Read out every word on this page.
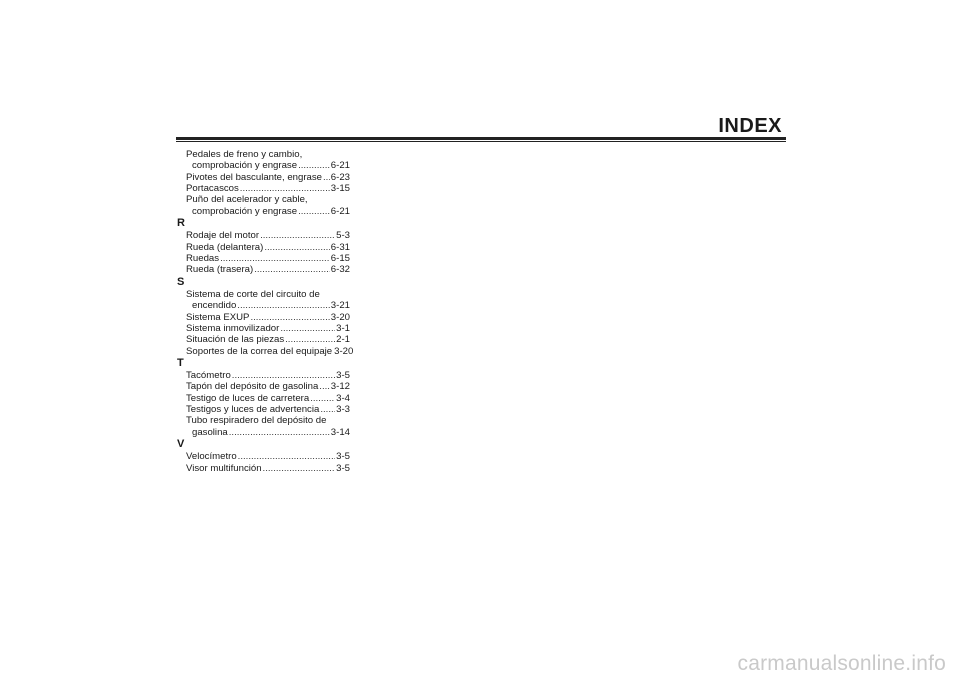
INDEX
Pedales de freno y cambio,
comprobación y engrase .....	6-21
Pivotes del basculante, engrase ..... 6-23
Portacascos .....	3-15
Puño del acelerador y cable,
comprobación y engrase .....	6-21
R
Rodaje del motor .....	5-3
Rueda (delantera) .....	6-31
Ruedas .....	6-15
Rueda (trasera) .....	6-32
S
Sistema de corte del circuito de
encendido .....	3-21
Sistema EXUP .....	3-20
Sistema inmovilizador .....	3-1
Situación de las piezas .....	2-1
Soportes de la correa del equipaje 3-20
T
Tacómetro .....	3-5
Tapón del depósito de gasolina ..... 3-12
Testigo de luces de carretera .....	3-4
Testigos y luces de advertencia ..... 3-3
Tubo respiradero del depósito de
gasolina .....	3-14
V
Velocímetro .....	3-5
Visor multifunción .....	3-5
carmanualsonline.info
